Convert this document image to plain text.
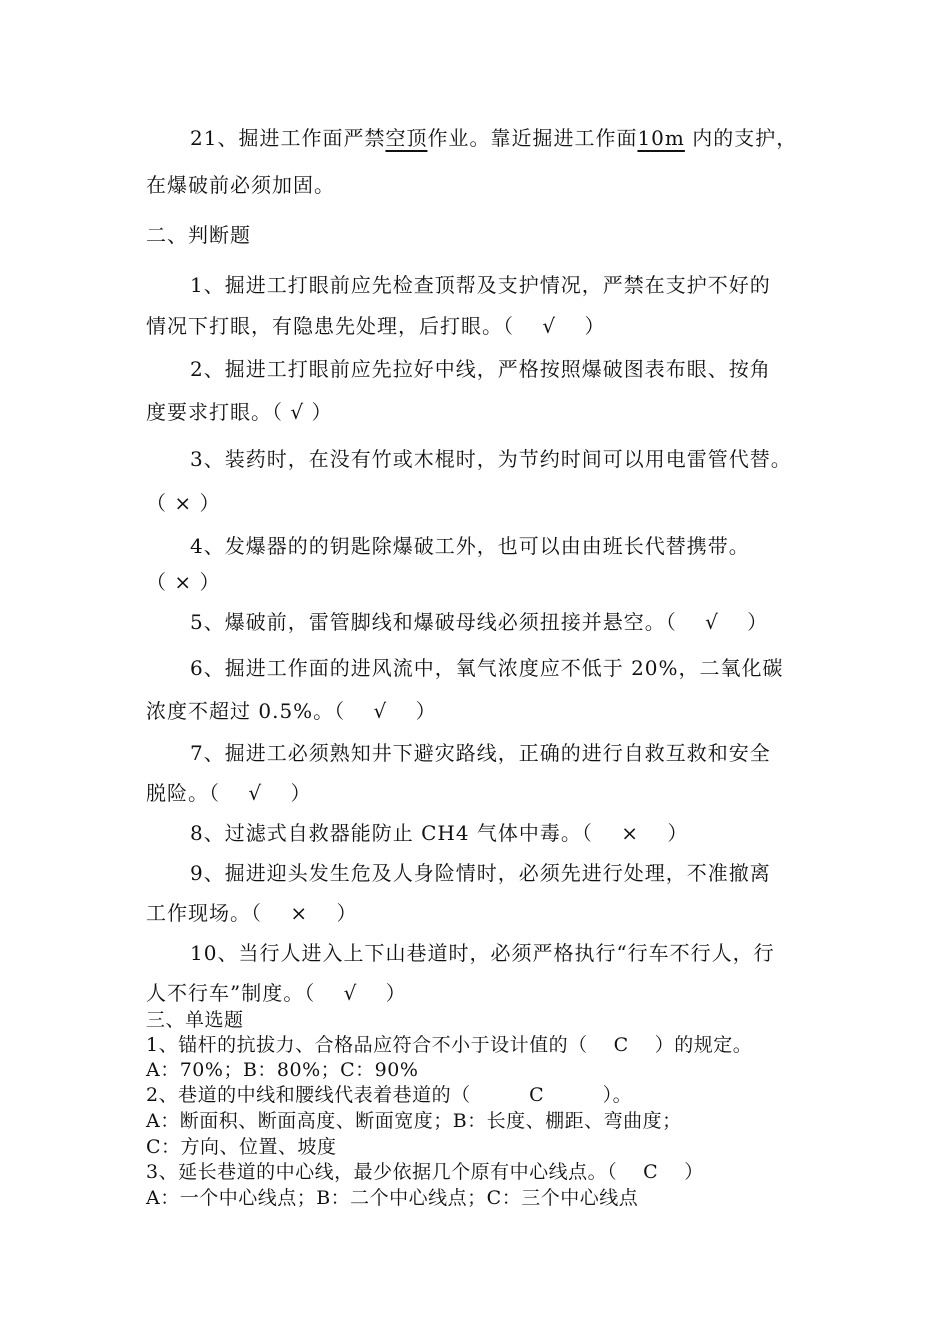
21、掘进工作面严禁空顶作业。靠近掘进工作面10m 内的支护，
在爆破前必须加固。
二、判断题
1、掘进工打眼前应先检查顶帮及支护情况，严禁在支护不好的
情况下打眼，有隐患先处理，后打眼。（　 √　 ）
2、掘进工打眼前应先拉好中线，严格按照爆破图表布眼、按角
度要求打眼。（ √ ）
3、装药时，在没有竹或木棍时，为节约时间可以用电雷管代替。
（ × ）
4、发爆器的的钥匙除爆破工外，也可以由由班长代替携带。
（ × ）
5、爆破前，雷管脚线和爆破母线必须扭接并悬空。（　 √　 ）
6、掘进工作面的进风流中，氧气浓度应不低于 20%，二氧化碳
浓度不超过 0.5%。（　 √　 ）
7、掘进工必须熟知井下避灾路线，正确的进行自救互救和安全
脱险。（　 √　 ）
8、过滤式自救器能防止 CH4 气体中毒。（　 ×　 ）
9、掘进迎头发生危及人身险情时，必须先进行处理，不准撤离
工作现场。（　 ×　 ）
10、当行人进入上下山巷道时，必须严格执行“行车不行人，行
人不行车”制度。（　 √　 ）
三、单选题
1、锚杆的抗拔力、合格品应符合不小于设计值的（　 C　 ）的规定。
A：70%；B：80%；C：90%
2、巷道的中线和腰线代表着巷道的（　　　C　　　）。
A：断面积、断面高度、断面宽度；B：长度、棚距、弯曲度；
C：方向、位置、坡度
3、延长巷道的中心线，最少依据几个原有中心线点。（　 C　 ）
A：一个中心线点；B：二个中心线点；C：三个中心线点
